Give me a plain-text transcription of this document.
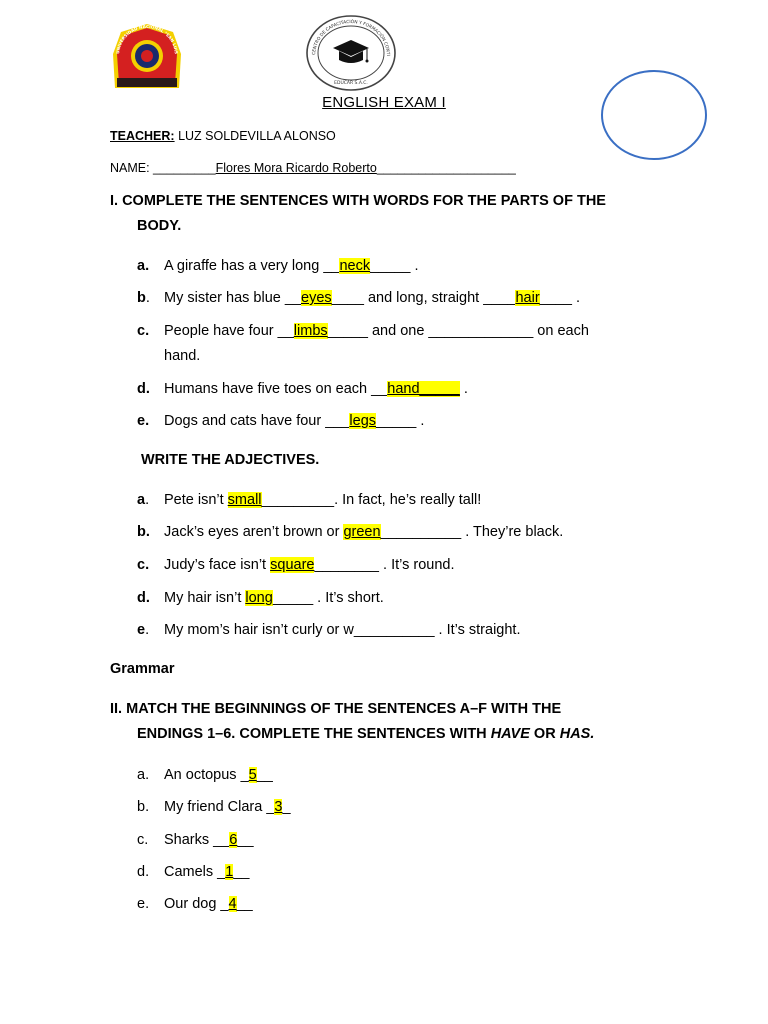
UNIVERSIDAD NACIONAL "SAN LUIS	CENTRO DE CAPACITACIÓN Y FORMACIÓN CONTI
EDUCAR S.A.C.
ENGLISH EXAM I
TEACHER: LUZ SOLDEVILLA ALONSO
NAME: _________Flores Mora Ricardo Roberto____________________
I. COMPLETE THE SENTENCES WITH WORDS FOR THE PARTS OF THE
BODY.
a.	A giraffe has a very long __neck_____ .
b. My sister has blue __eyes____ and long, straight ____hair____ .
c.	People have four __limbs_____ and one _____________ on each
hand.
d. Humans have five toes on each __hand_____ .
e.	Dogs and cats have four ___legs_____ .
WRITE THE ADJECTIVES.
a.	Pete isn’t small_________. In fact, he’s really tall!
b. Jack’s eyes aren’t brown or green__________ . They’re black.
c.	Judy’s face isn’t square________ . It’s round.
d. My hair isn’t long_____ . It’s short.
e.	My mom’s hair isn’t curly or w__________ . It’s straight.
Grammar
II. MATCH THE BEGINNINGS OF THE SENTENCES A–F WITH THE
ENDINGS 1–6. COMPLETE THE SENTENCES WITH HAVE OR HAS.
a.	An octopus _5__
b.	My friend Clara _3_
c.	Sharks __6__
d.	Camels _1__
e.	Our dog _4__
